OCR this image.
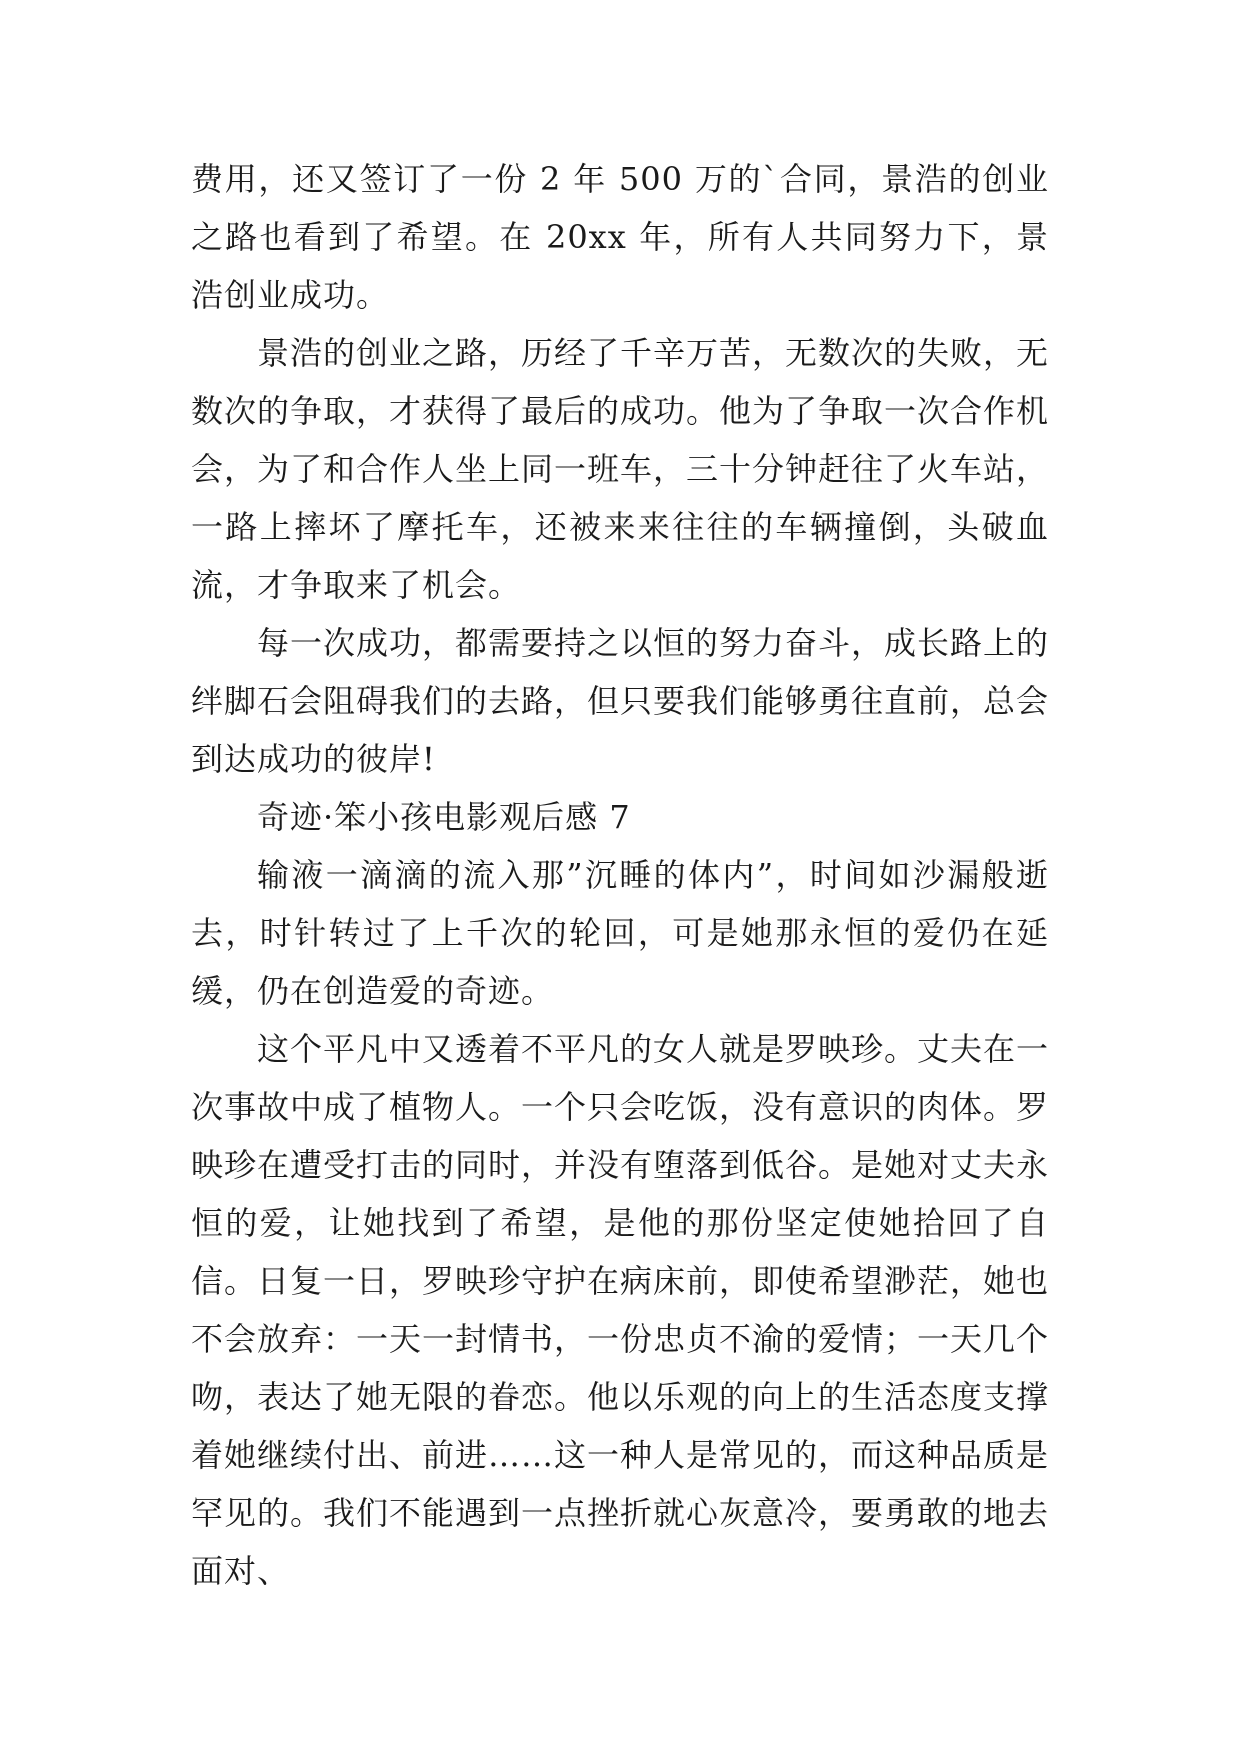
费用，还又签订了一份 2 年 500 万的`合同，景浩的创业之路也看到了希望。在 20xx 年，所有人共同努力下，景浩创业成功。

景浩的创业之路，历经了千辛万苦，无数次的失败，无数次的争取，才获得了最后的成功。他为了争取一次合作机会，为了和合作人坐上同一班车，三十分钟赶往了火车站，一路上摔坏了摩托车，还被来来往往的车辆撞倒，头破血流，才争取来了机会。

每一次成功，都需要持之以恒的努力奋斗，成长路上的绊脚石会阻碍我们的去路，但只要我们能够勇往直前，总会到达成功的彼岸!

奇迹·笨小孩电影观后感 7

输液一滴滴的流入那”沉睡的体内”，时间如沙漏般逝去，时针转过了上千次的轮回，可是她那永恒的爱仍在延缓，仍在创造爱的奇迹。

这个平凡中又透着不平凡的女人就是罗映珍。丈夫在一次事故中成了植物人。一个只会吃饭，没有意识的肉体。罗映珍在遭受打击的同时，并没有堕落到低谷。是她对丈夫永恒的爱，让她找到了希望，是他的那份坚定使她拾回了自信。日复一日，罗映珍守护在病床前，即使希望渺茫，她也不会放弃：一天一封情书，一份忠贞不渝的爱情；一天几个吻，表达了她无限的眷恋。他以乐观的向上的生活态度支撑着她继续付出、前进……这一种人是常见的，而这种品质是罕见的。我们不能遇到一点挫折就心灰意冷，要勇敢的地去面对、
